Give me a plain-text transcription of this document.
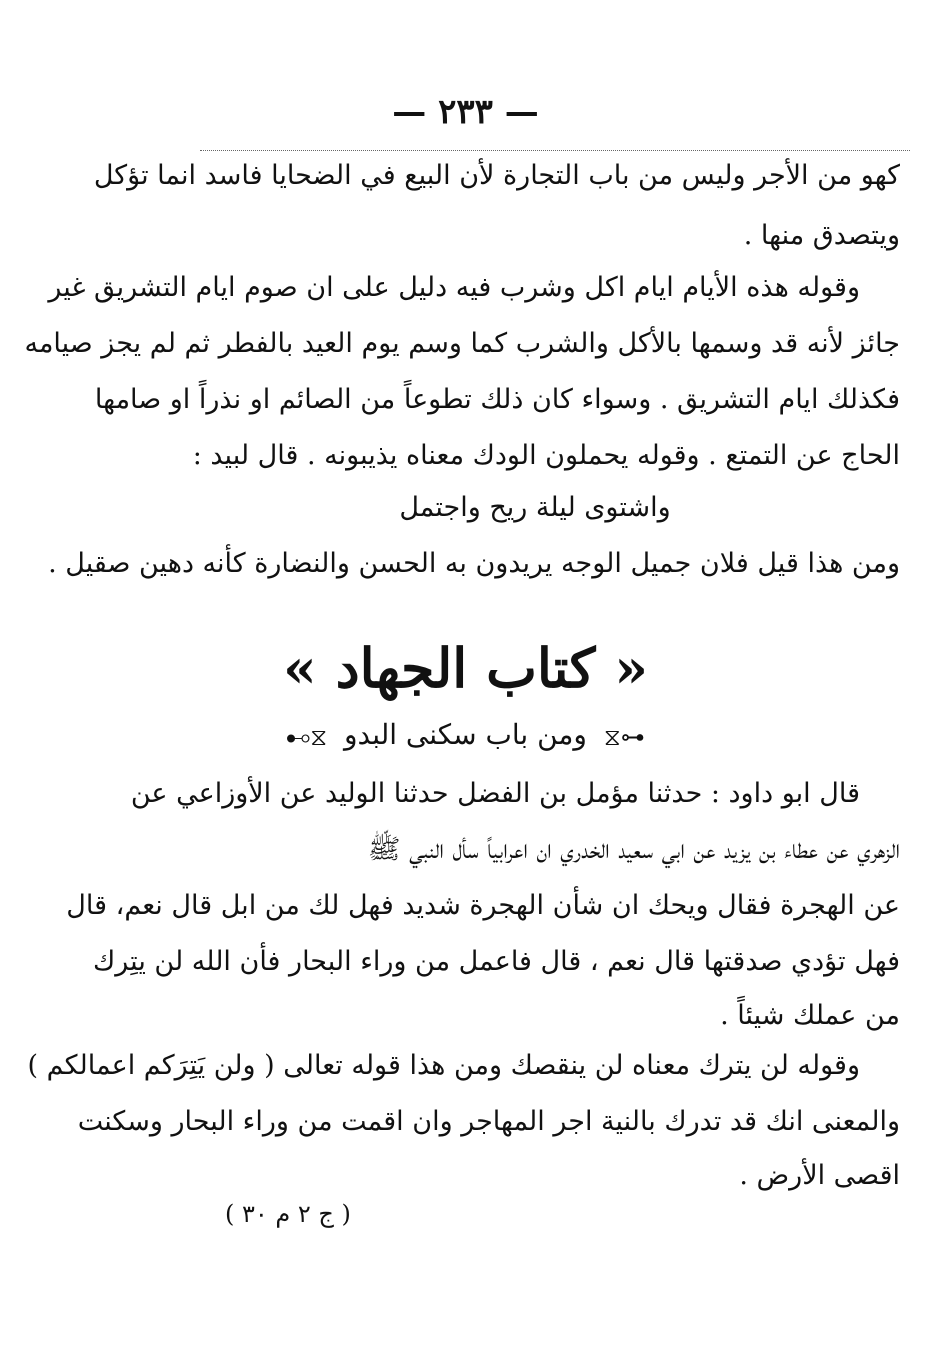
— ٢٣٣ —
كهو من الأجر وليس من باب التجارة لأن البيع في الضحايا فاسد انما تؤكل
ويتصدق منها .
وقوله هذه الأيام ايام اكل وشرب فيه دليل على ان صوم ايام التشريق غير
جائز لأنه قد وسمها بالأكل والشرب كما وسم يوم العيد بالفطر ثم لم يجز صيامه
فكذلك ايام التشريق . وسواء كان ذلك تطوعاً من الصائم او نذراً او صامها
الحاج عن التمتع . وقوله يحملون الودك معناه يذيبونه . قال لبيد :
واشتوى ليلة ريح واجتمل
ومن هذا قيل فلان جميل الوجه يريدون به الحسن والنضارة كأنه دهين صقيل .
« كتاب الجهاد »
⊷⧖ ومن باب سكنى البدو ⧖⊶
قال ابو داود : حدثنا مؤمل بن الفضل حدثنا الوليد عن الأوزاعي عن
الزهري عن عطاء بن يزيد عن ابي سعيد الخدري ان اعرابياً سأل النبي ﷺ
عن الهجرة فقال ويحك ان شأن الهجرة شديد فهل لك من ابل قال نعم، قال
فهل تؤدي صدقتها قال نعم ، قال فاعمل من وراء البحار فأن الله لن يتِرك
من عملك شيئاً .
وقوله لن يترك معناه لن ينقصك ومن هذا قوله تعالى ( ولن يَتِرَكم اعمالكم )
والمعنى انك قد تدرك بالنية اجر المهاجر وان اقمت من وراء البحار وسكنت
اقصى الأرض .
( ج ٢ م ٣٠ )
